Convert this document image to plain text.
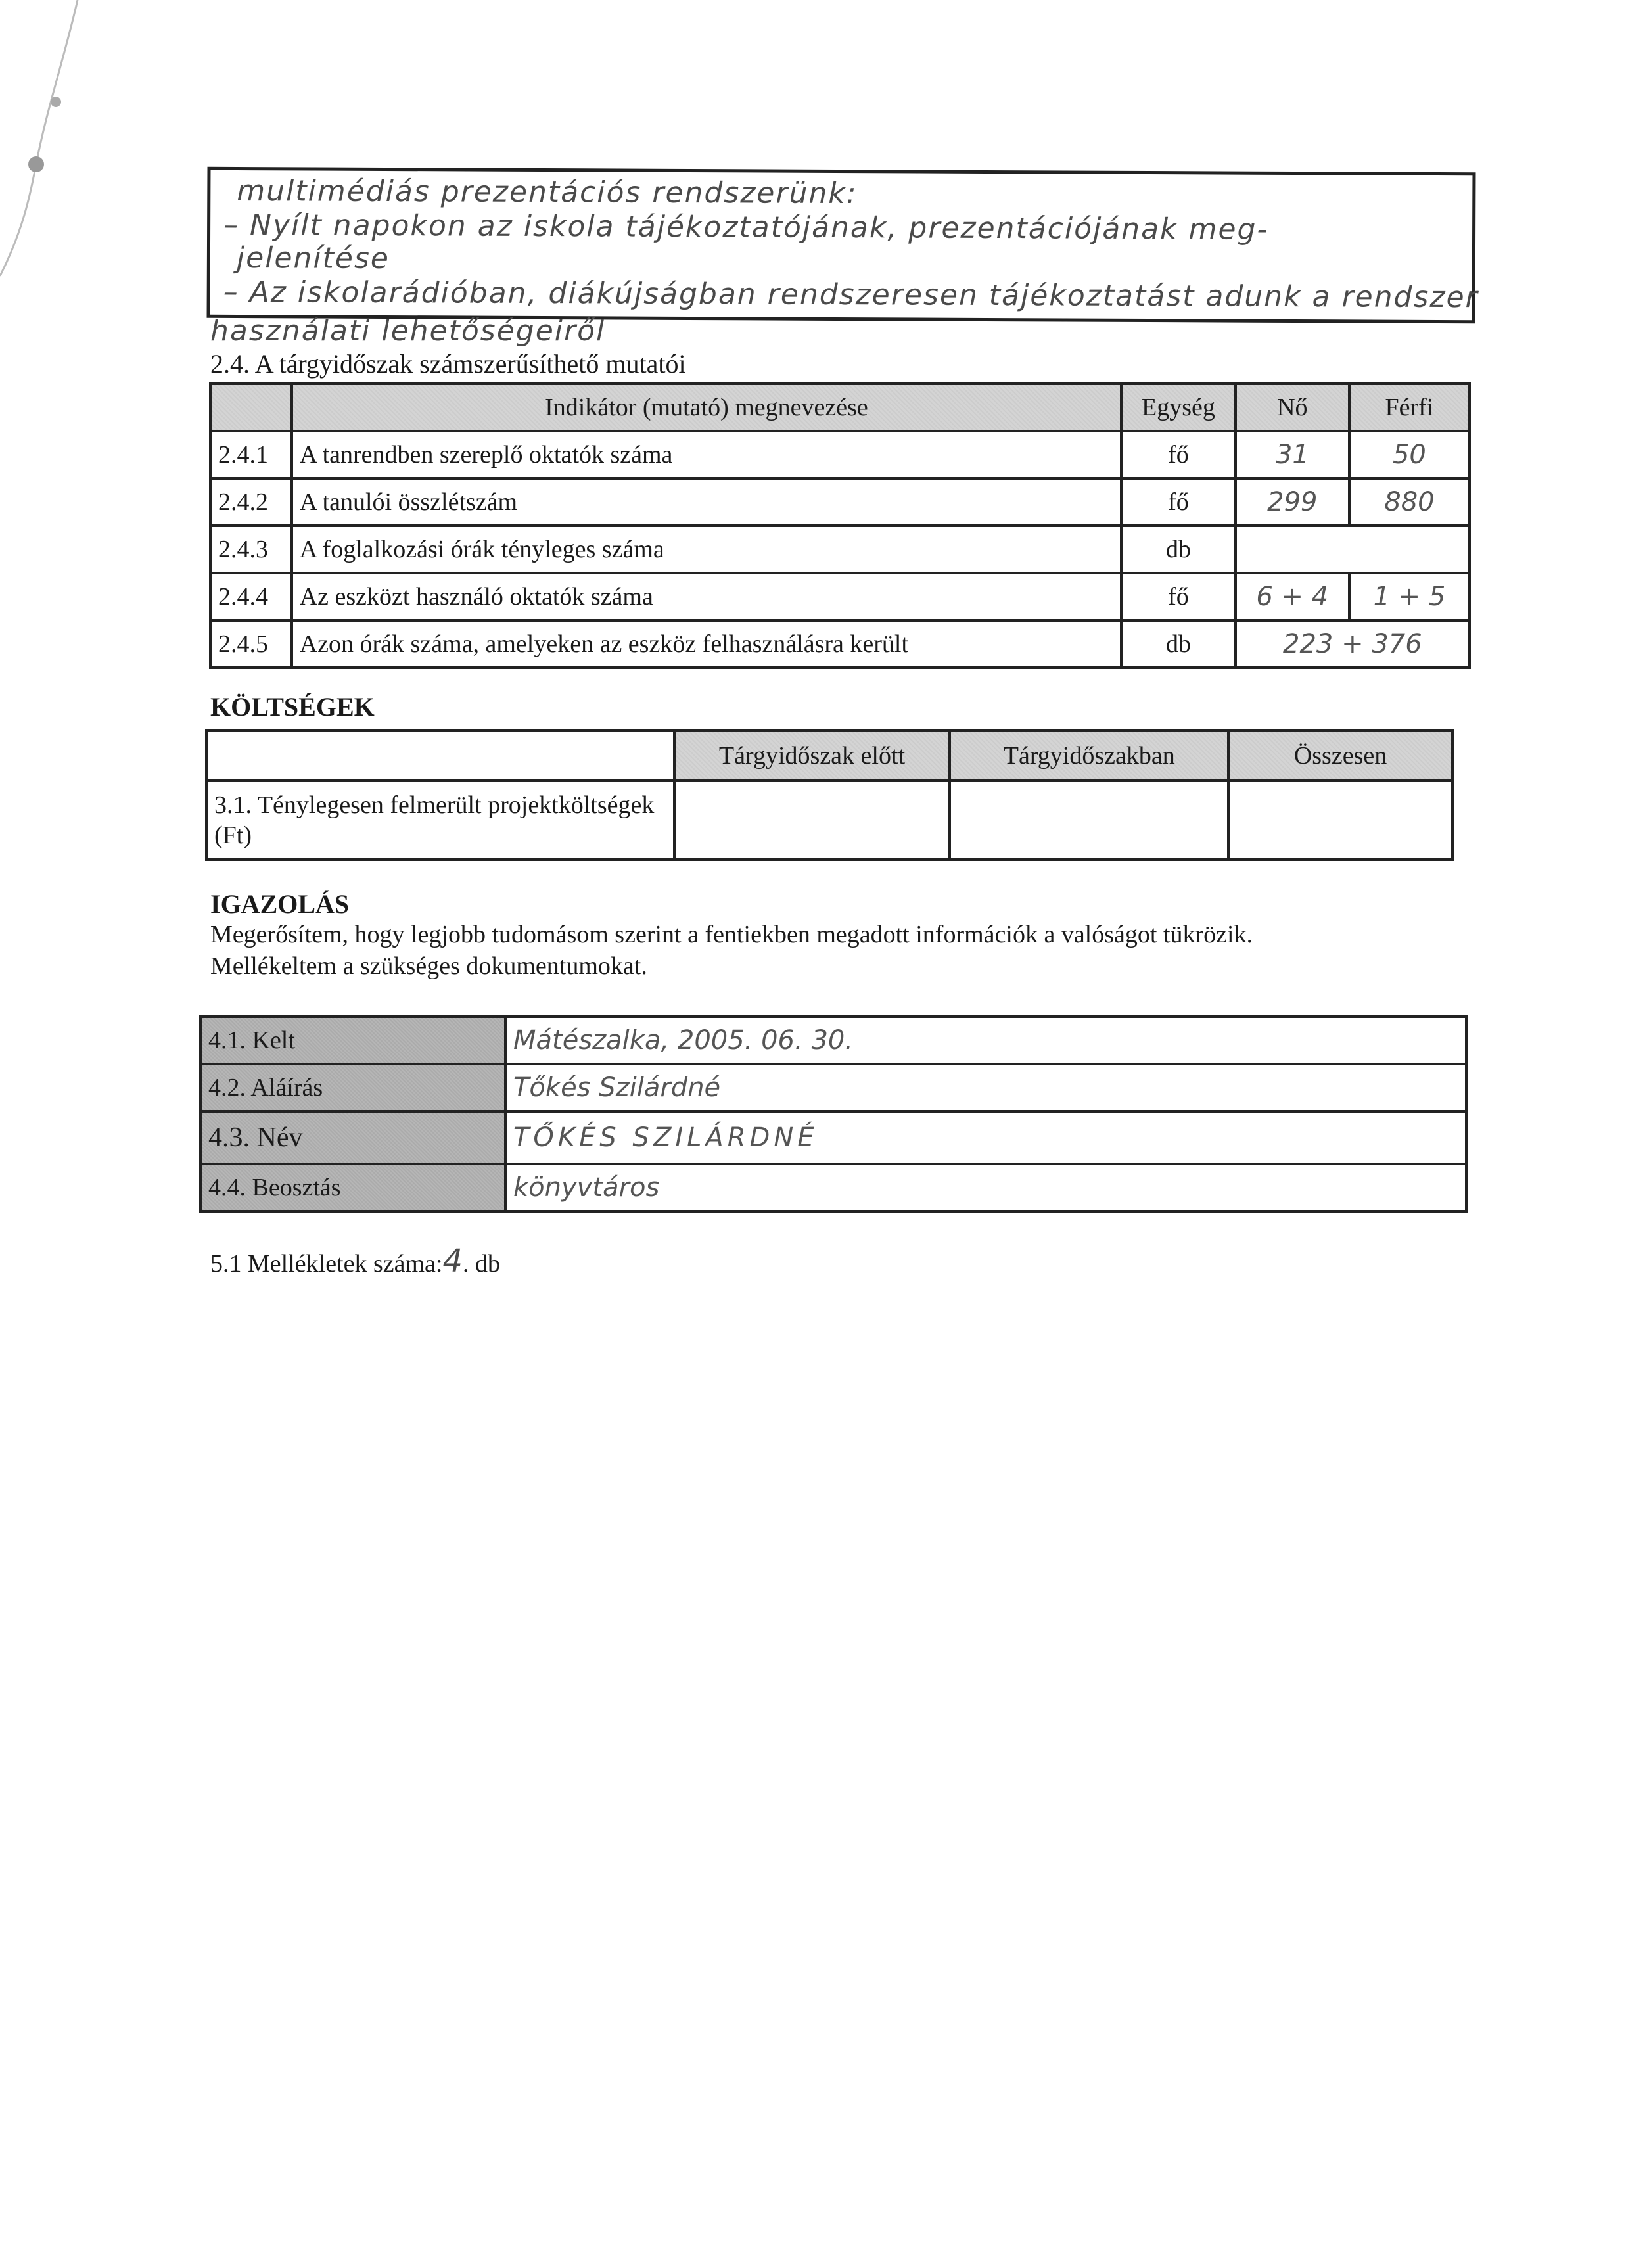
multimédiás prezentációs rendszerünk:
– Nyílt napokon az iskola tájékoztatójának, prezentációjának meg-
jelenítése
– Az iskolarádióban, diákújságban rendszeresen tájékoztatást adunk a rendszer
használati lehetőségeiről
2.4. A tárgyidőszak számszerűsíthető mutatói
	Indikátor (mutató) megnevezése	Egység	Nő	Férfi
2.4.1	A tanrendben szereplő oktatók száma	fő	31	50
2.4.2	A tanulói összlétszám	fő	299	880
2.4.3	A foglalkozási órák tényleges száma	db		
2.4.4	Az eszközt használó oktatók száma	fő	6 + 4	1 + 5
2.4.5	Azon órák száma, amelyeken az eszköz felhasználásra került	db	223 + 376	
KÖLTSÉGEK
	Tárgyidőszak előtt	Tárgyidőszakban	Összesen
3.1. Ténylegesen felmerült projektköltségek (Ft)			
IGAZOLÁS
Megerősítem, hogy legjobb tudomásom szerint a fentiekben megadott információk a valóságot tükrözik.
Mellékeltem a szükséges dokumentumokat.
4.1. Kelt	Mátészalka, 2005. 06. 30.
4.2. Aláírás	Tőkés Szilárdné
4.3. Név	TŐKÉS SZILÁRDNÉ
4.4. Beosztás	könyvtáros
5.1 Mellékletek száma:4. db
